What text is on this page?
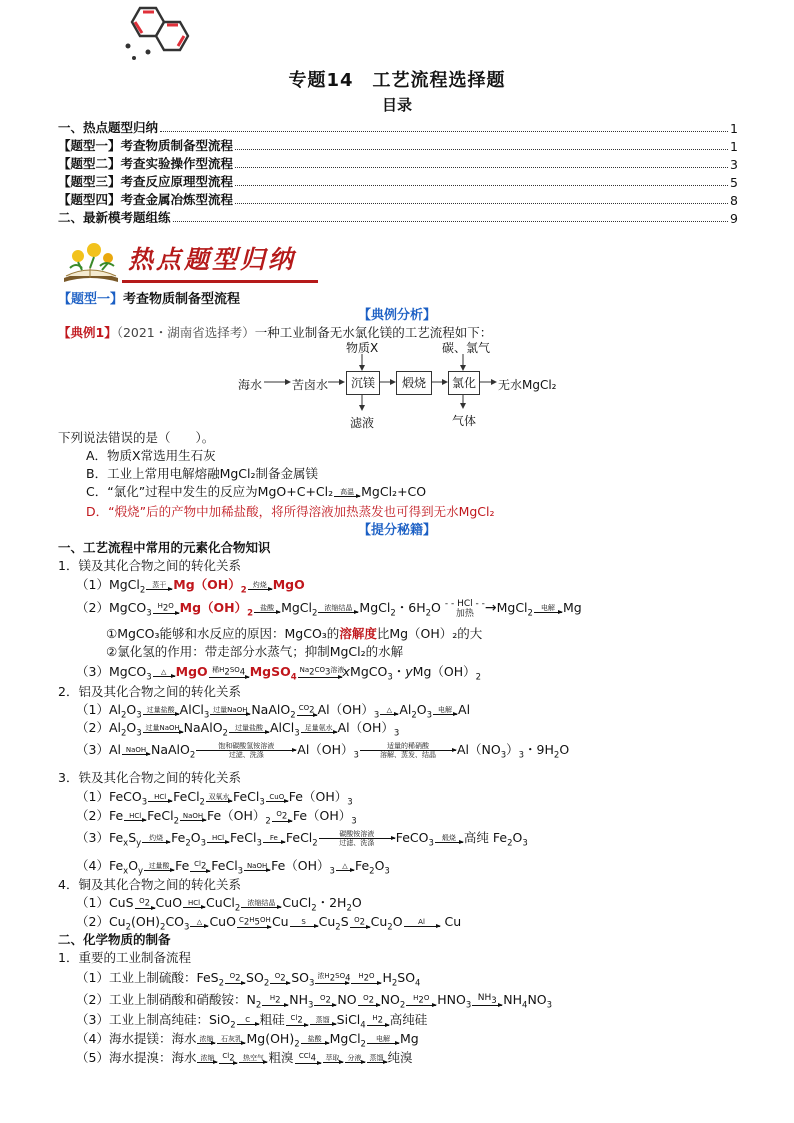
专题14　工艺流程选择题
目录
一、热点题型归纳	1
【题型一】考查物质制备型流程	1
【题型二】考查实验操作型流程	3
【题型三】考查反应原理型流程	5
【题型四】考查金属冶炼型流程	8
二、最新模考题组练	9
热点题型归纳
【题型一】考查物质制备型流程
【典例分析】
【典例1】（2021・湖南省选择考）一种工业制备无水氯化镁的工艺流程如下：
物质X	碳、氯气
海水 苦卤水	沉镁	煅烧	氯化	无水MgCl₂
滤液	气体
下列说法错误的是（　　）。
A．物质X常选用生石灰
B．工业上常用电解熔融MgCl₂制备金属镁
C．“氯化”过程中发生的反应为MgO+C+Cl₂	高温 MgCl₂+CO
D．“煅烧”后的产物中加稀盐酸，将所得溶液加热蒸发也可得到无水MgCl₂
【提分秘籍】
一、工艺流程中常用的元素化合物知识
1．镁及其化合物之间的转化关系
（1）MgCl$_2$
蒸干 $Mg(OH)_2$
灼烧 MgO
（2）MgCO$_3$
$H_2O$ $Mg(OH)_2$
盐酸 MgCl$_2$
浓缩结晶 MgCl$_2$・$6H_2O$ - - HCl - -
加热 →MgCl$_2$
电解 Mg
①MgCO₃能够和水反应的原因：MgCO₃的溶解度比Mg（OH）₂的大
②氯化氢的作用：带走部分水蒸气；抑制MgCl₂的水解
（3）MgCO$_3$
△ MgO 稀$H_2SO_4$ MgSO$_4$
$Na_2CO_3$溶液
xMgCO$_3$・$yMg(OH)_2$
2．铝及其化合物之间的转化关系
$(1)Al_2O_3$
过量盐酸 AlCl$_3$
过量NaOH NaAlO$_2$
$CO_2$ $Al(OH)_3$
△ $Al_2O_3$
电解 Al
$(2)Al_2O_3$
过量NaOH NaAlO$_2$
过量盐酸 AlCl$_3$
足量氨水 $Al(OH)_3$
（3）Al NaOH NaAlO$_2$
饱和碳酸氢铵溶液
过滤、洗涤	$Al(OH)_3$
适量的稀硝酸
溶解、蒸发、结晶	$Al(NO_3)_3$・$9H_2O$
3．铁及其化合物之间的转化关系
（1）FeCO$_3$
HCl FeCl$_2$
双氧水 FeCl$_3$
CuO $Fe(OH)_3$
（2）Fe HCl FeCl$_2$
NaOH $Fe(OH)_2$
$O_2$ $Fe(OH)_3$
$(3)Fe_xS_y$
灼烧 $Fe_2O_3$
HCl FeCl$_3$
Fe FeCl$_2$
碳酸铵溶液
过滤、洗涤	FeCO$_3$
煅烧 高纯 $Fe_2O_3$
$(4)Fe_xO_y$
过量酸 Fe $Cl_2$ FeCl$_3$
NaOH $Fe(OH)_3$
△ $Fe_2O_3$
4．铜及其化合物之间的转化关系
（1）CuS $O_2$ CuO HCl CuCl$_2$
浓缩结晶 CuCl$_2$・$2H_2O$
$(2)Cu_2(OH)_2CO_3$
△ CuO $C_2H_5OH$ Cu	S	$Cu_2S$ $O_2$ $Cu_2O$	Al	Cu
二、化学物质的制备
1．重要的工业制备流程
（1）工业上制硫酸：FeS$_2$
$O_2$ $SO_2$
$O_2$ $SO_3$
浓$H_2SO_4$	$H_2O$ $H_2SO_4$
（2）工业上制硝酸和硝酸铵：$N_2$
$H_2$ $NH_3$
$O_2$ NO $O_2$ $NO_2$
$H_2O$ $HNO_3$
$NH_3$ $NH_4NO_3$
（3）工业上制高纯硅：SiO$_2$
C 粗硅 $Cl_2$	蒸馏 SiCl$_4$
$H_2$ 高纯硅
（4）海水提镁：海水 浓缩	石灰乳 $Mg(OH)_2$
盐酸 MgCl$_2$
电解 Mg
（5）海水提溴：海水 浓缩	$Cl_2$	热空气 粗溴 CCl$_4$	萃取	分液	蒸馏 纯溴
